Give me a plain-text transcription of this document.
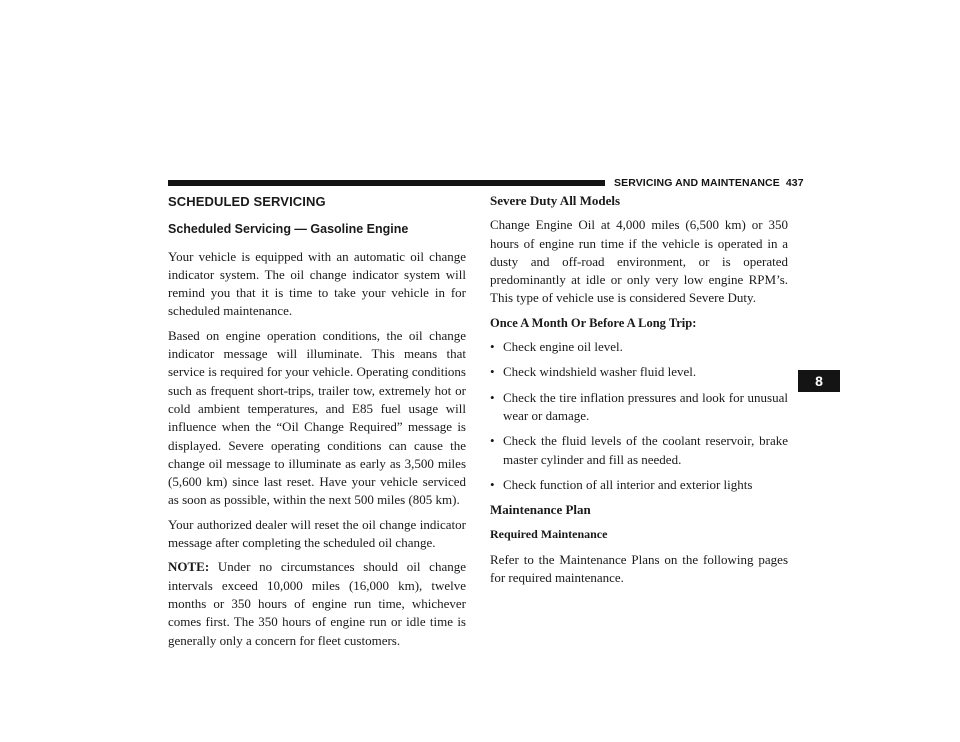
SERVICING AND MAINTENANCE 437
8
SCHEDULED SERVICING
Scheduled Servicing — Gasoline Engine

Your vehicle is equipped with an automatic oil change indicator system. The oil change indicator system will remind you that it is time to take your vehicle in for scheduled maintenance.

Based on engine operation conditions, the oil change indicator message will illuminate. This means that service is required for your vehicle. Operating conditions such as frequent short-trips, trailer tow, extremely hot or cold ambient temperatures, and E85 fuel usage will influence when the “Oil Change Required” message is displayed. Severe operating conditions can cause the change oil message to illuminate as early as 3,500 miles (5,600 km) since last reset. Have your vehicle serviced as soon as possible, within the next 500 miles (805 km).

Your authorized dealer will reset the oil change indicator message after completing the scheduled oil change.

NOTE: Under no circumstances should oil change intervals exceed 10,000 miles (16,000 km), twelve months or 350 hours of engine run time, whichever comes first. The 350 hours of engine run or idle time is generally only a concern for fleet customers.

Severe Duty All Models

Change Engine Oil at 4,000 miles (6,500 km) or 350 hours of engine run time if the vehicle is operated in a dusty and off-road environment, or is operated predominantly at idle or only very low engine RPM’s. This type of vehicle use is considered Severe Duty.

Once A Month Or Before A Long Trip:
• Check engine oil level.
• Check windshield washer fluid level.
• Check the tire inflation pressures and look for unusual wear or damage.
• Check the fluid levels of the coolant reservoir, brake master cylinder and fill as needed.
• Check function of all interior and exterior lights
Maintenance Plan
Required Maintenance

Refer to the Maintenance Plans on the following pages for required maintenance.
